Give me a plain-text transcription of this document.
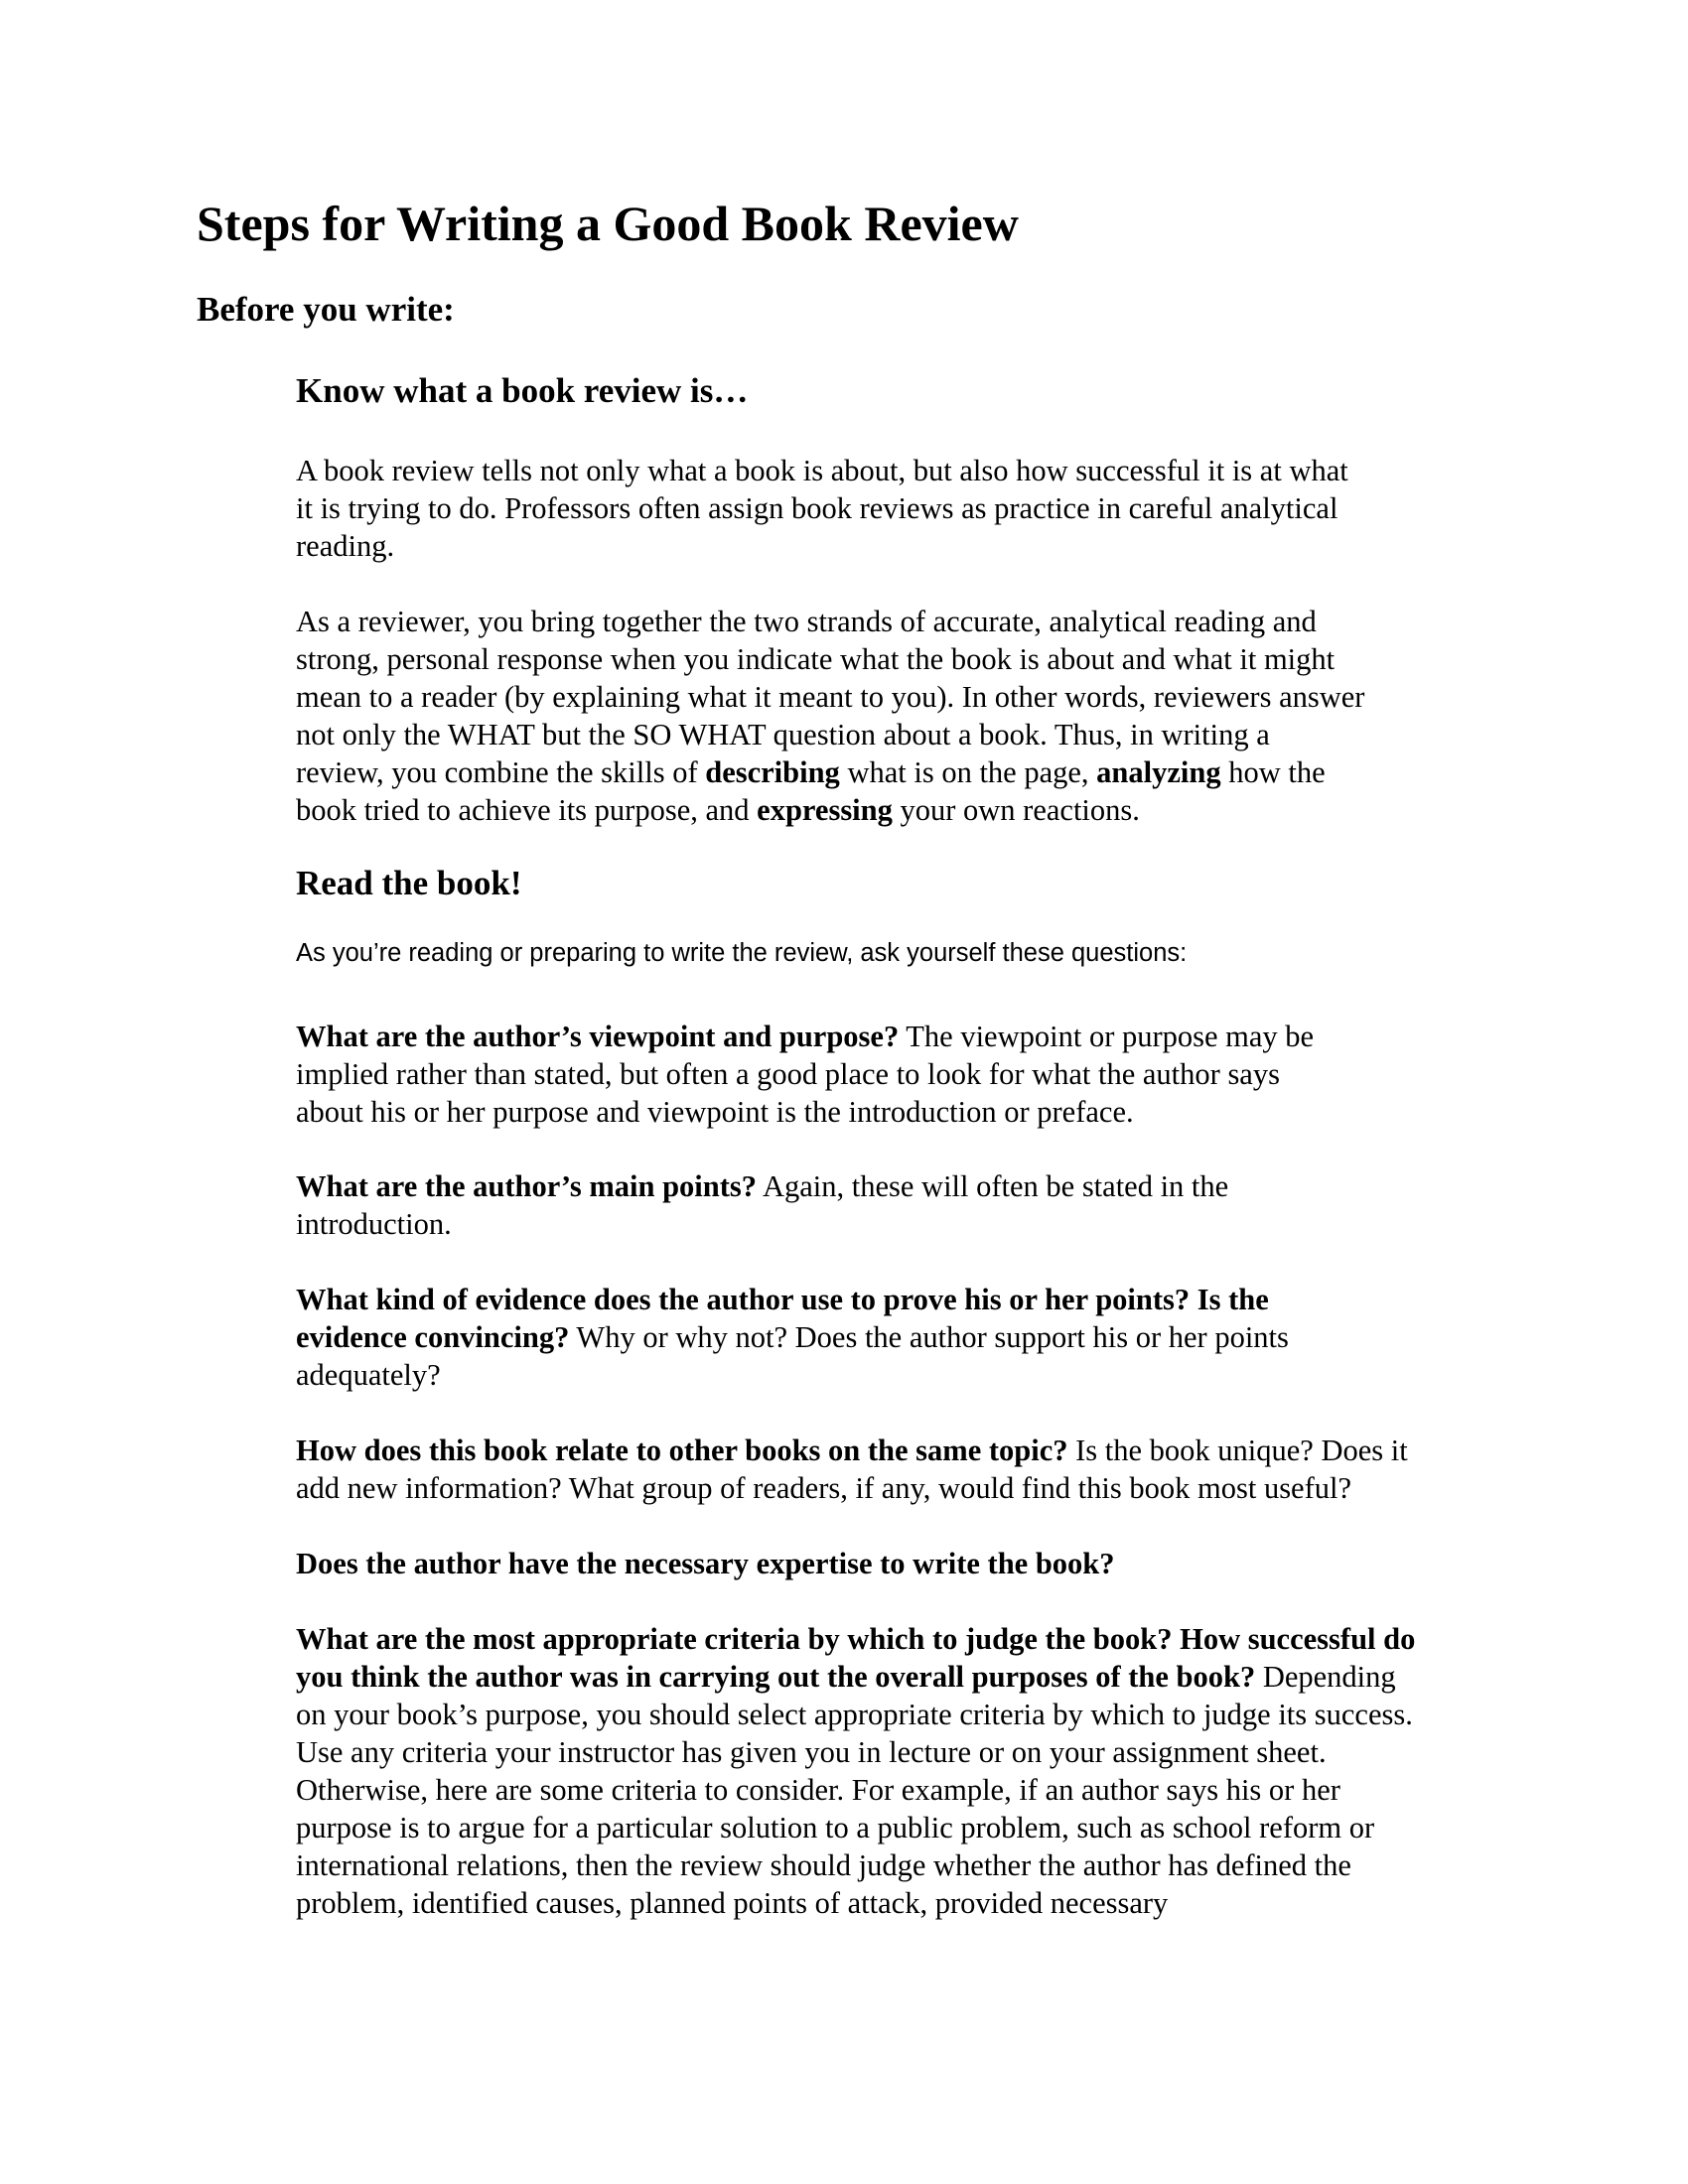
Steps for Writing a Good Book Review
Before you write:
Know what a book review is…
A book review tells not only what a book is about, but also how successful it is at what
it is trying to do. Professors often assign book reviews as practice in careful analytical
reading.
As a reviewer, you bring together the two strands of accurate, analytical reading and
strong, personal response when you indicate what the book is about and what it might
mean to a reader (by explaining what it meant to you). In other words, reviewers answer
not only the WHAT but the SO WHAT question about a book. Thus, in writing a
review, you combine the skills of describing what is on the page, analyzing how the
book tried to achieve its purpose, and expressing your own reactions.
Read the book!
As you’re reading or preparing to write the review, ask yourself these questions:
What are the author’s viewpoint and purpose? The viewpoint or purpose may be
implied rather than stated, but often a good place to look for what the author says
about his or her purpose and viewpoint is the introduction or preface.
What are the author’s main points? Again, these will often be stated in the
introduction.
What kind of evidence does the author use to prove his or her points? Is the
evidence convincing? Why or why not? Does the author support his or her points
adequately?
How does this book relate to other books on the same topic? Is the book unique? Does it
add new information? What group of readers, if any, would find this book most useful?
Does the author have the necessary expertise to write the book?
What are the most appropriate criteria by which to judge the book? How successful do
you think the author was in carrying out the overall purposes of the book? Depending
on your book’s purpose, you should select appropriate criteria by which to judge its success.
Use any criteria your instructor has given you in lecture or on your assignment sheet.
Otherwise, here are some criteria to consider. For example, if an author says his or her
purpose is to argue for a particular solution to a public problem, such as school reform or
international relations, then the review should judge whether the author has defined the
problem, identified causes, planned points of attack, provided necessary
